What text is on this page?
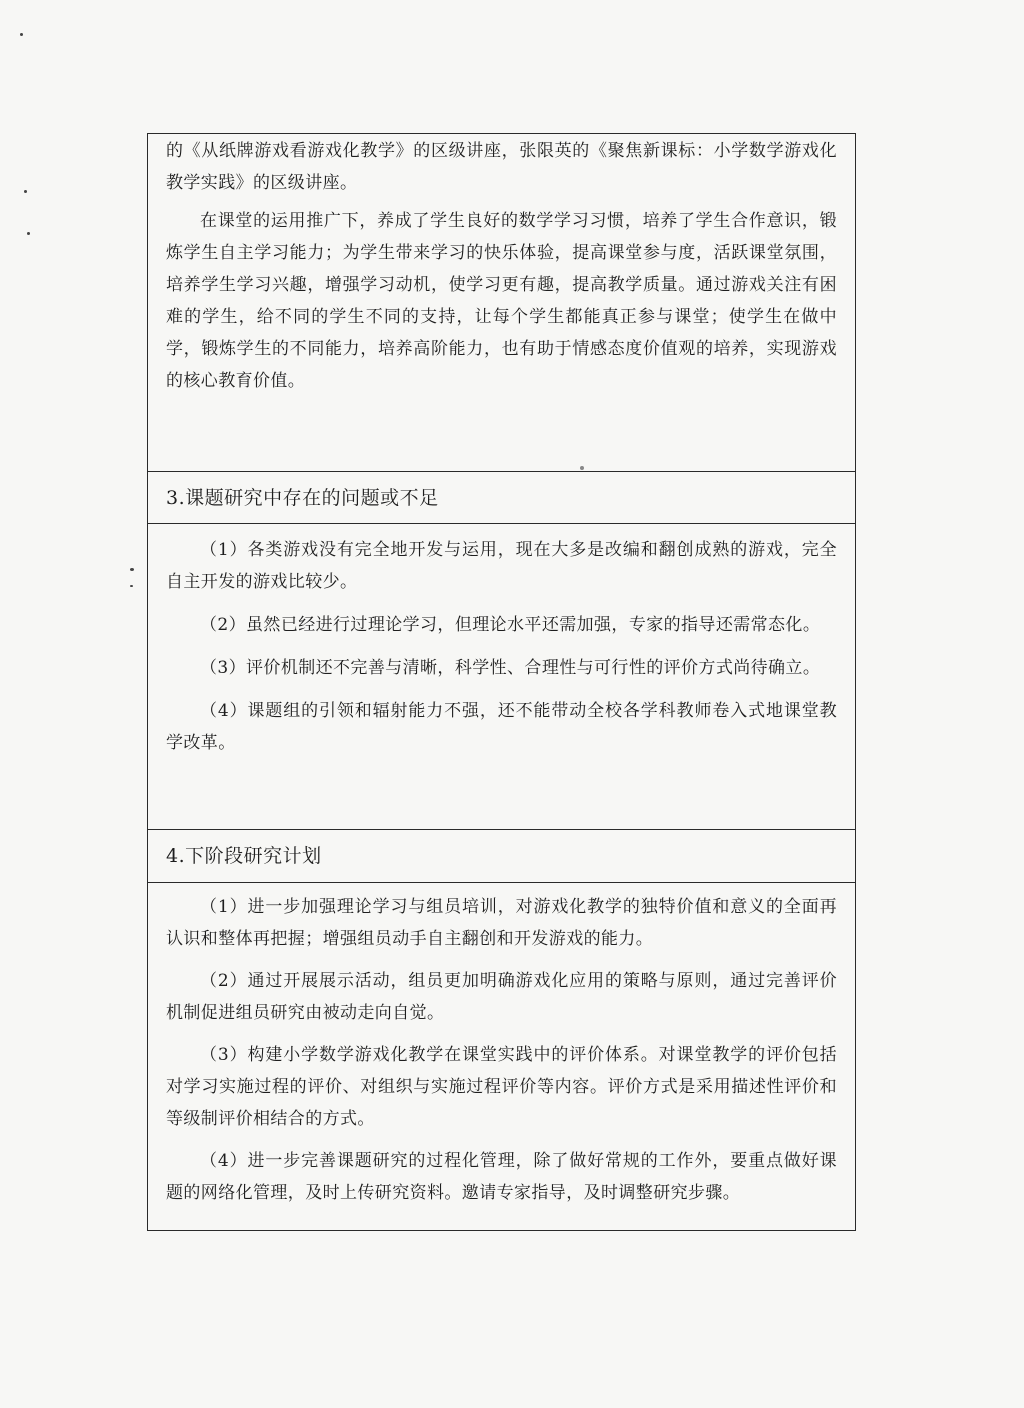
的《从纸牌游戏看游戏化教学》的区级讲座，张限英的《聚焦新课标：小学数学游戏化教学实践》的区级讲座。

在课堂的运用推广下，养成了学生良好的数学学习习惯，培养了学生合作意识，锻炼学生自主学习能力；为学生带来学习的快乐体验，提高课堂参与度，活跃课堂氛围，培养学生学习兴趣，增强学习动机，使学习更有趣，提高教学质量。通过游戏关注有困难的学生，给不同的学生不同的支持，让每个学生都能真正参与课堂；使学生在做中学，锻炼学生的不同能力，培养高阶能力，也有助于情感态度价值观的培养，实现游戏的核心教育价值。

3.课题研究中存在的问题或不足

（1）各类游戏没有完全地开发与运用，现在大多是改编和翻创成熟的游戏，完全自主开发的游戏比较少。

（2）虽然已经进行过理论学习，但理论水平还需加强，专家的指导还需常态化。

（3）评价机制还不完善与清晰，科学性、合理性与可行性的评价方式尚待确立。

（4）课题组的引领和辐射能力不强，还不能带动全校各学科教师卷入式地课堂教学改革。

4.下阶段研究计划

（1）进一步加强理论学习与组员培训，对游戏化教学的独特价值和意义的全面再认识和整体再把握；增强组员动手自主翻创和开发游戏的能力。

（2）通过开展展示活动，组员更加明确游戏化应用的策略与原则，通过完善评价机制促进组员研究由被动走向自觉。

（3）构建小学数学游戏化教学在课堂实践中的评价体系。对课堂教学的评价包括对学习实施过程的评价、对组织与实施过程评价等内容。评价方式是采用描述性评价和等级制评价相结合的方式。

（4）进一步完善课题研究的过程化管理，除了做好常规的工作外，要重点做好课题的网络化管理，及时上传研究资料。邀请专家指导，及时调整研究步骤。
